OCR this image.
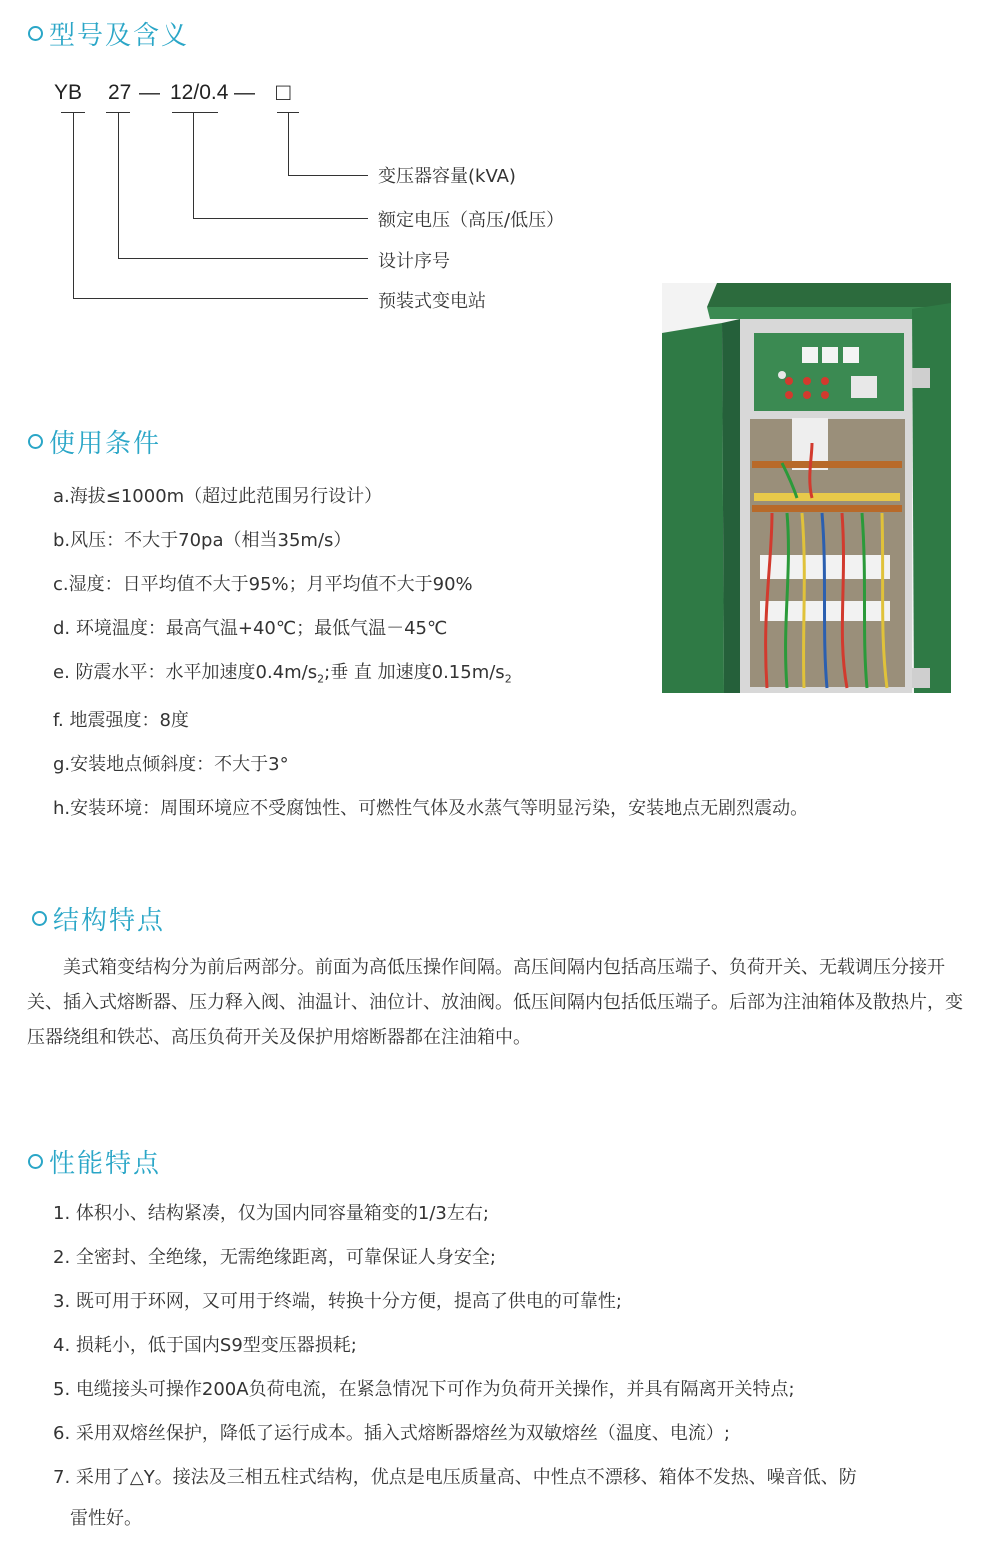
型号及含义
YB 27 — 12/0.4 — □
变压器容量(kVA)
额定电压（高压/低压）
设计序号
预装式变电站
使用条件
a.海拔≤1000m（超过此范围另行设计）
b.风压：不大于70pa（相当35m/s）
c.湿度：日平均值不大于95%；月平均值不大于90%
d. 环境温度：最高气温+40℃；最低气温－45℃
e. 防震水平：水平加速度$0.4m/s_2$;垂 直 加速度$0.15m/s_2$
f. 地震强度：8度
g.安装地点倾斜度：不大于3°
h.安装环境：周围环境应不受腐蚀性、可燃性气体及水蒸气等明显污染，安装地点无剧烈震动。
结构特点
　　美式箱变结构分为前后两部分。前面为高低压操作间隔。高压间隔内包括高压端子、负荷开关、无载调压分接开关、插入式熔断器、压力释入阀、油温计、油位计、放油阀。低压间隔内包括低压端子。后部为注油箱体及散热片，变压器绕组和铁芯、高压负荷开关及保护用熔断器都在注油箱中。
性能特点
1. 体积小、结构紧凑，仅为国内同容量箱变的1/3左右;
2. 全密封、全绝缘，无需绝缘距离，可靠保证人身安全;
3. 既可用于环网，又可用于终端，转换十分方便，提高了供电的可靠性;
4. 损耗小，低于国内S9型变压器损耗;
5. 电缆接头可操作200A负荷电流，在紧急情况下可作为负荷开关操作，并具有隔离开关特点;
6. 采用双熔丝保护，降低了运行成本。插入式熔断器熔丝为双敏熔丝（温度、电流）;
7. 采用了△Y。接法及三相五柱式结构，优点是电压质量高、中性点不漂移、箱体不发热、噪音低、防
雷性好。
